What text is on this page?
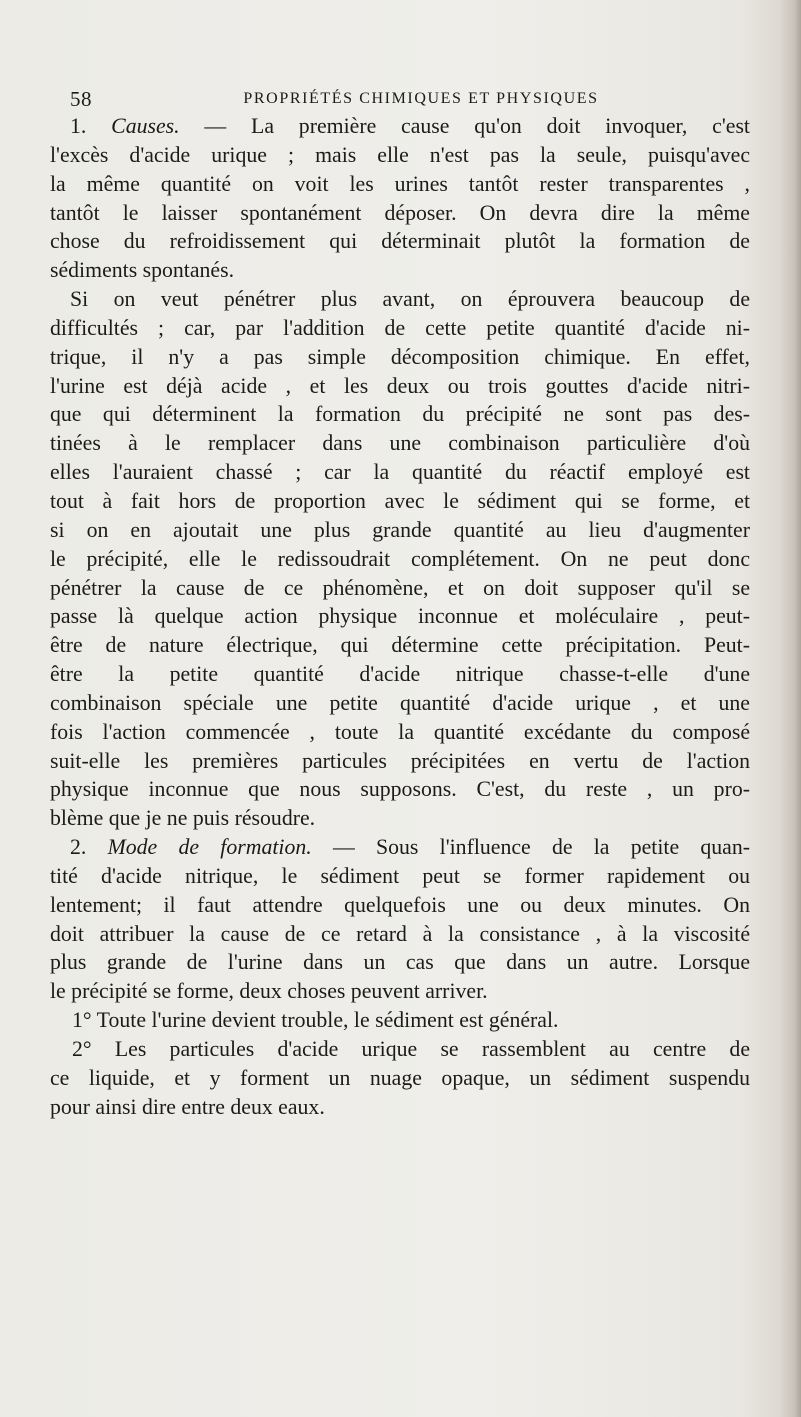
58	PROPRIÉTÉS CHIMIQUES ET PHYSIQUES
1. Causes. — La première cause qu'on doit invoquer, c'est
l'excès d'acide urique ; mais elle n'est pas la seule, puisqu'avec
la même quantité on voit les urines tantôt rester transparentes ,
tantôt le laisser spontanément déposer. On devra dire la même
chose du refroidissement qui déterminait plutôt la formation de
sédiments spontanés.
Si on veut pénétrer plus avant, on éprouvera beaucoup de
difficultés ; car, par l'addition de cette petite quantité d'acide ni-
trique, il n'y a pas simple décomposition chimique. En effet,
l'urine est déjà acide , et les deux ou trois gouttes d'acide nitri-
que qui déterminent la formation du précipité ne sont pas des-
tinées à le remplacer dans une combinaison particulière d'où
elles l'auraient chassé ; car la quantité du réactif employé est
tout à fait hors de proportion avec le sédiment qui se forme, et
si on en ajoutait une plus grande quantité au lieu d'augmenter
le précipité, elle le redissoudrait complétement. On ne peut donc
pénétrer la cause de ce phénomène, et on doit supposer qu'il se
passe là quelque action physique inconnue et moléculaire , peut-
être de nature électrique, qui détermine cette précipitation. Peut-
être la petite quantité d'acide nitrique chasse-t-elle d'une
combinaison spéciale une petite quantité d'acide urique , et une
fois l'action commencée , toute la quantité excédante du composé
suit-elle les premières particules précipitées en vertu de l'action
physique inconnue que nous supposons. C'est, du reste , un pro-
blème que je ne puis résoudre.
2. Mode de formation. — Sous l'influence de la petite quan-
tité d'acide nitrique, le sédiment peut se former rapidement ou
lentement; il faut attendre quelquefois une ou deux minutes. On
doit attribuer la cause de ce retard à la consistance , à la viscosité
plus grande de l'urine dans un cas que dans un autre. Lorsque
le précipité se forme, deux choses peuvent arriver.
1° Toute l'urine devient trouble, le sédiment est général.
2° Les particules d'acide urique se rassemblent au centre de
ce liquide, et y forment un nuage opaque, un sédiment suspendu
pour ainsi dire entre deux eaux.
